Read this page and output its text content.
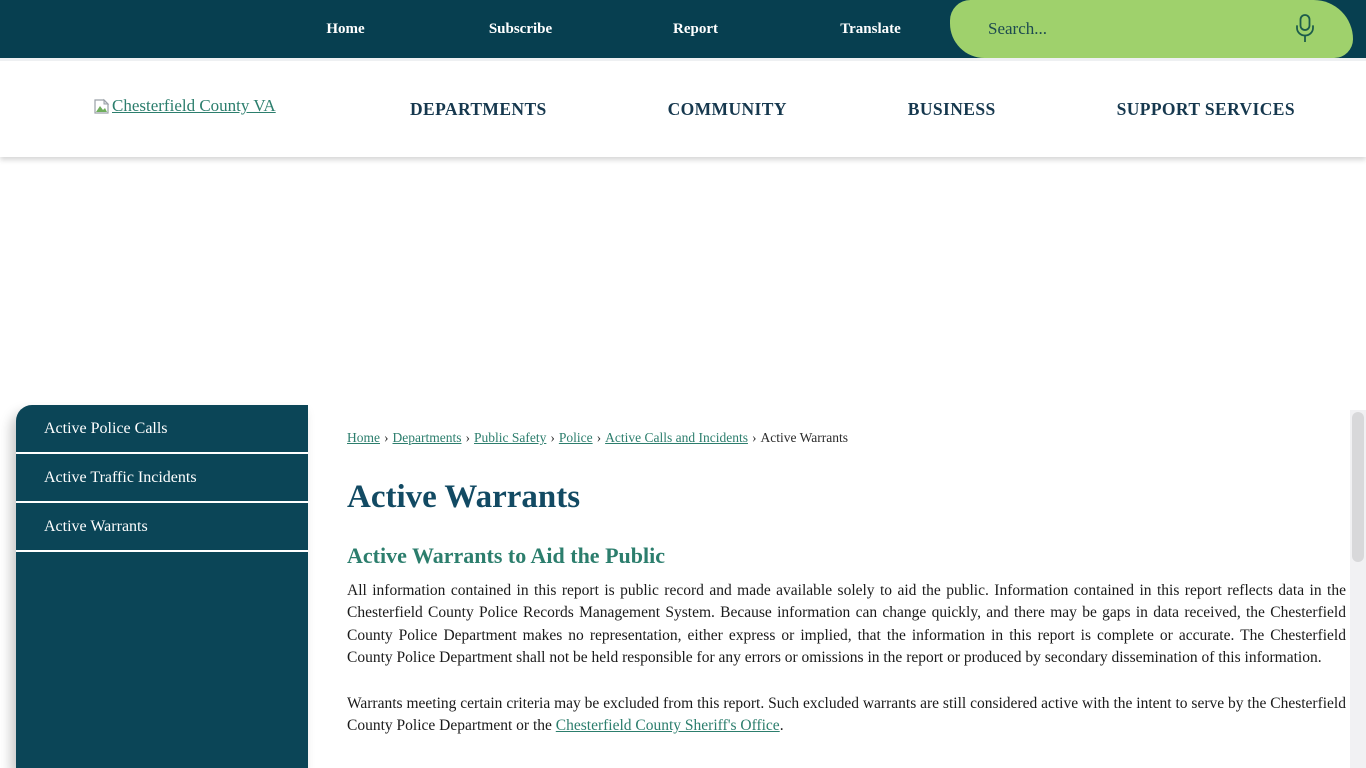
Home	Subscribe	Report	Translate	Search...
Chesterfield County VA	DEPARTMENTS	COMMUNITY	BUSINESS	SUPPORT SERVICES
Active Police Calls
Active Traffic Incidents
Active Warrants
Home › Departments › Public Safety › Police › Active Calls and Incidents › Active Warrants
Active Warrants
Active Warrants to Aid the Public

All information contained in this report is public record and made available solely to aid the public. Information contained in this report reflects data in the Chesterfield County Police Records Management System. Because information can change quickly, and there may be gaps in data received, the Chesterfield County Police Department makes no representation, either express or implied, that the information in this report is complete or accurate. The Chesterfield County Police Department shall not be held responsible for any errors or omissions in the report or produced by secondary dissemination of this information.

Warrants meeting certain criteria may be excluded from this report. Such excluded warrants are still considered active with the intent to serve by the Chesterfield County Police Department or the Chesterfield County Sheriff's Office.
